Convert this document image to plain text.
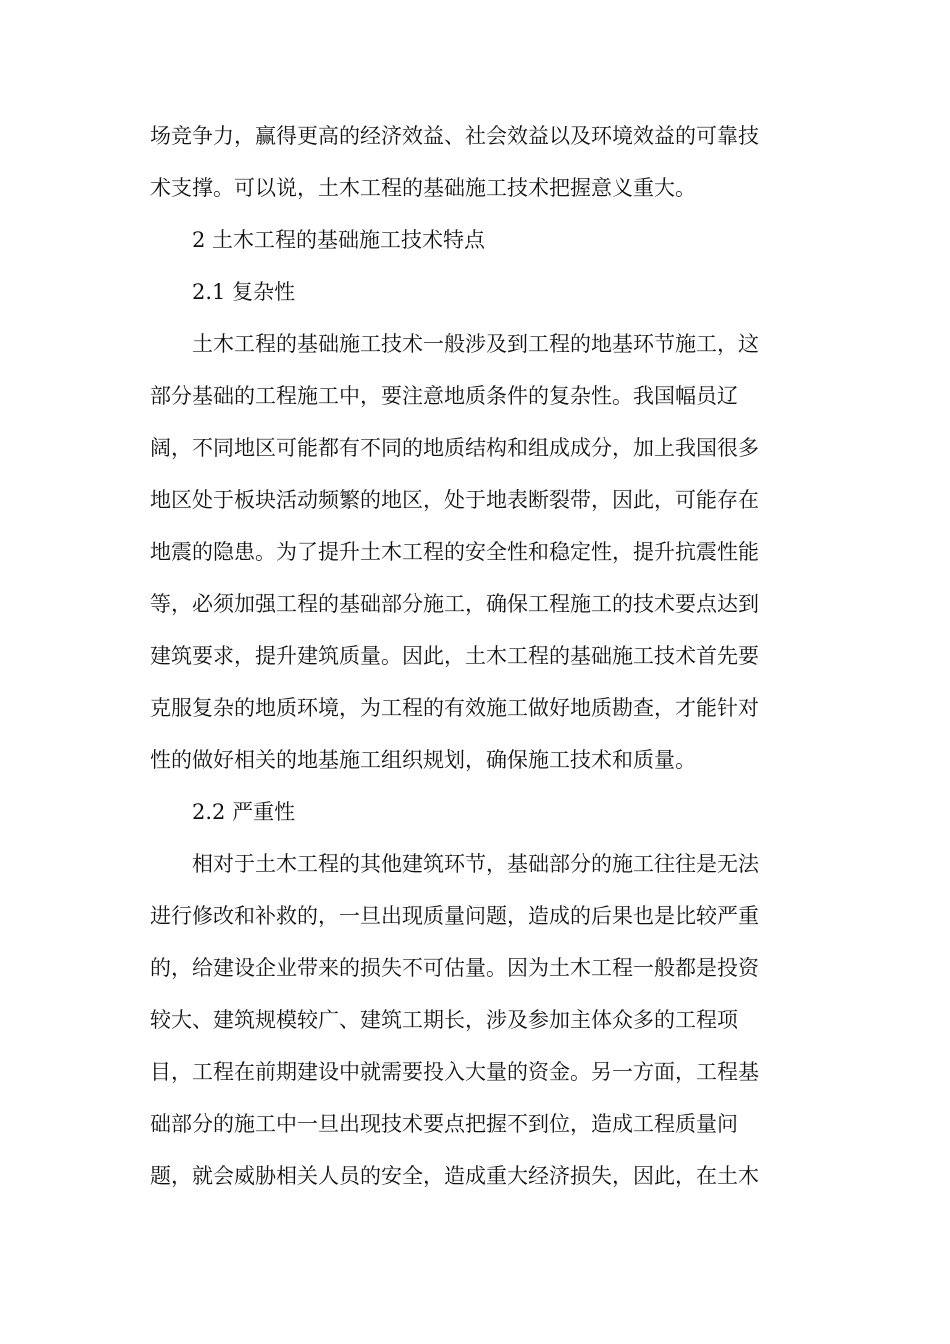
场竞争力，赢得更高的经济效益、社会效益以及环境效益的可靠技
术支撑。可以说，土木工程的基础施工技术把握意义重大。
2 土木工程的基础施工技术特点
2.1 复杂性
土木工程的基础施工技术一般涉及到工程的地基环节施工，这
部分基础的工程施工中，要注意地质条件的复杂性。我国幅员辽
阔，不同地区可能都有不同的地质结构和组成成分，加上我国很多
地区处于板块活动频繁的地区，处于地表断裂带，因此，可能存在
地震的隐患。为了提升土木工程的安全性和稳定性，提升抗震性能
等，必须加强工程的基础部分施工，确保工程施工的技术要点达到
建筑要求，提升建筑质量。因此，土木工程的基础施工技术首先要
克服复杂的地质环境，为工程的有效施工做好地质勘查，才能针对
性的做好相关的地基施工组织规划，确保施工技术和质量。
2.2 严重性
相对于土木工程的其他建筑环节，基础部分的施工往往是无法
进行修改和补救的，一旦出现质量问题，造成的后果也是比较严重
的，给建设企业带来的损失不可估量。因为土木工程一般都是投资
较大、建筑规模较广、建筑工期长，涉及参加主体众多的工程项
目，工程在前期建设中就需要投入大量的资金。另一方面，工程基
础部分的施工中一旦出现技术要点把握不到位，造成工程质量问
题，就会威胁相关人员的安全，造成重大经济损失，因此，在土木
